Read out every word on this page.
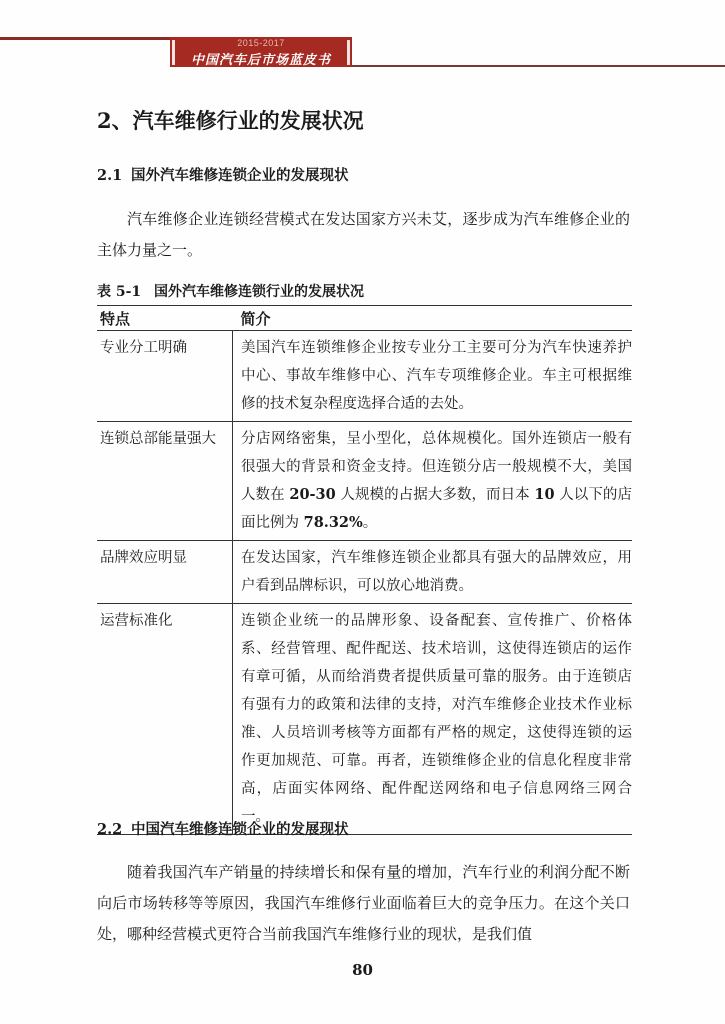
2015-2017
中国汽车后市场蓝皮书
2、汽车维修行业的发展状况
2.1 国外汽车维修连锁企业的发展现状
汽车维修企业连锁经营模式在发达国家方兴未艾，逐步成为汽车维修企业的主体力量之一。
表 5-1 国外汽车维修连锁行业的发展状况
特点	简介
专业分工明确	美国汽车连锁维修企业按专业分工主要可分为汽车快速养护中心、事故车维修中心、汽车专项维修企业。车主可根据维修的技术复杂程度选择合适的去处。
连锁总部能量强大	分店网络密集，呈小型化，总体规模化。国外连锁店一般有很强大的背景和资金支持。但连锁分店一般规模不大，美国人数在 20-30 人规模的占据大多数，而日本 10 人以下的店面比例为 78.32%。
品牌效应明显	在发达国家，汽车维修连锁企业都具有强大的品牌效应，用户看到品牌标识，可以放心地消费。
运营标准化	连锁企业统一的品牌形象、设备配套、宣传推广、价格体系、经营管理、配件配送、技术培训，这使得连锁店的运作有章可循，从而给消费者提供质量可靠的服务。由于连锁店有强有力的政策和法律的支持，对汽车维修企业技术作业标准、人员培训考核等方面都有严格的规定，这使得连锁的运作更加规范、可靠。再者，连锁维修企业的信息化程度非常高，店面实体网络、配件配送网络和电子信息网络三网合一。
2.2 中国汽车维修连锁企业的发展现状
随着我国汽车产销量的持续增长和保有量的增加，汽车行业的利润分配不断向后市场转移等等原因，我国汽车维修行业面临着巨大的竞争压力。在这个关口处，哪种经营模式更符合当前我国汽车维修行业的现状，是我们值
80
